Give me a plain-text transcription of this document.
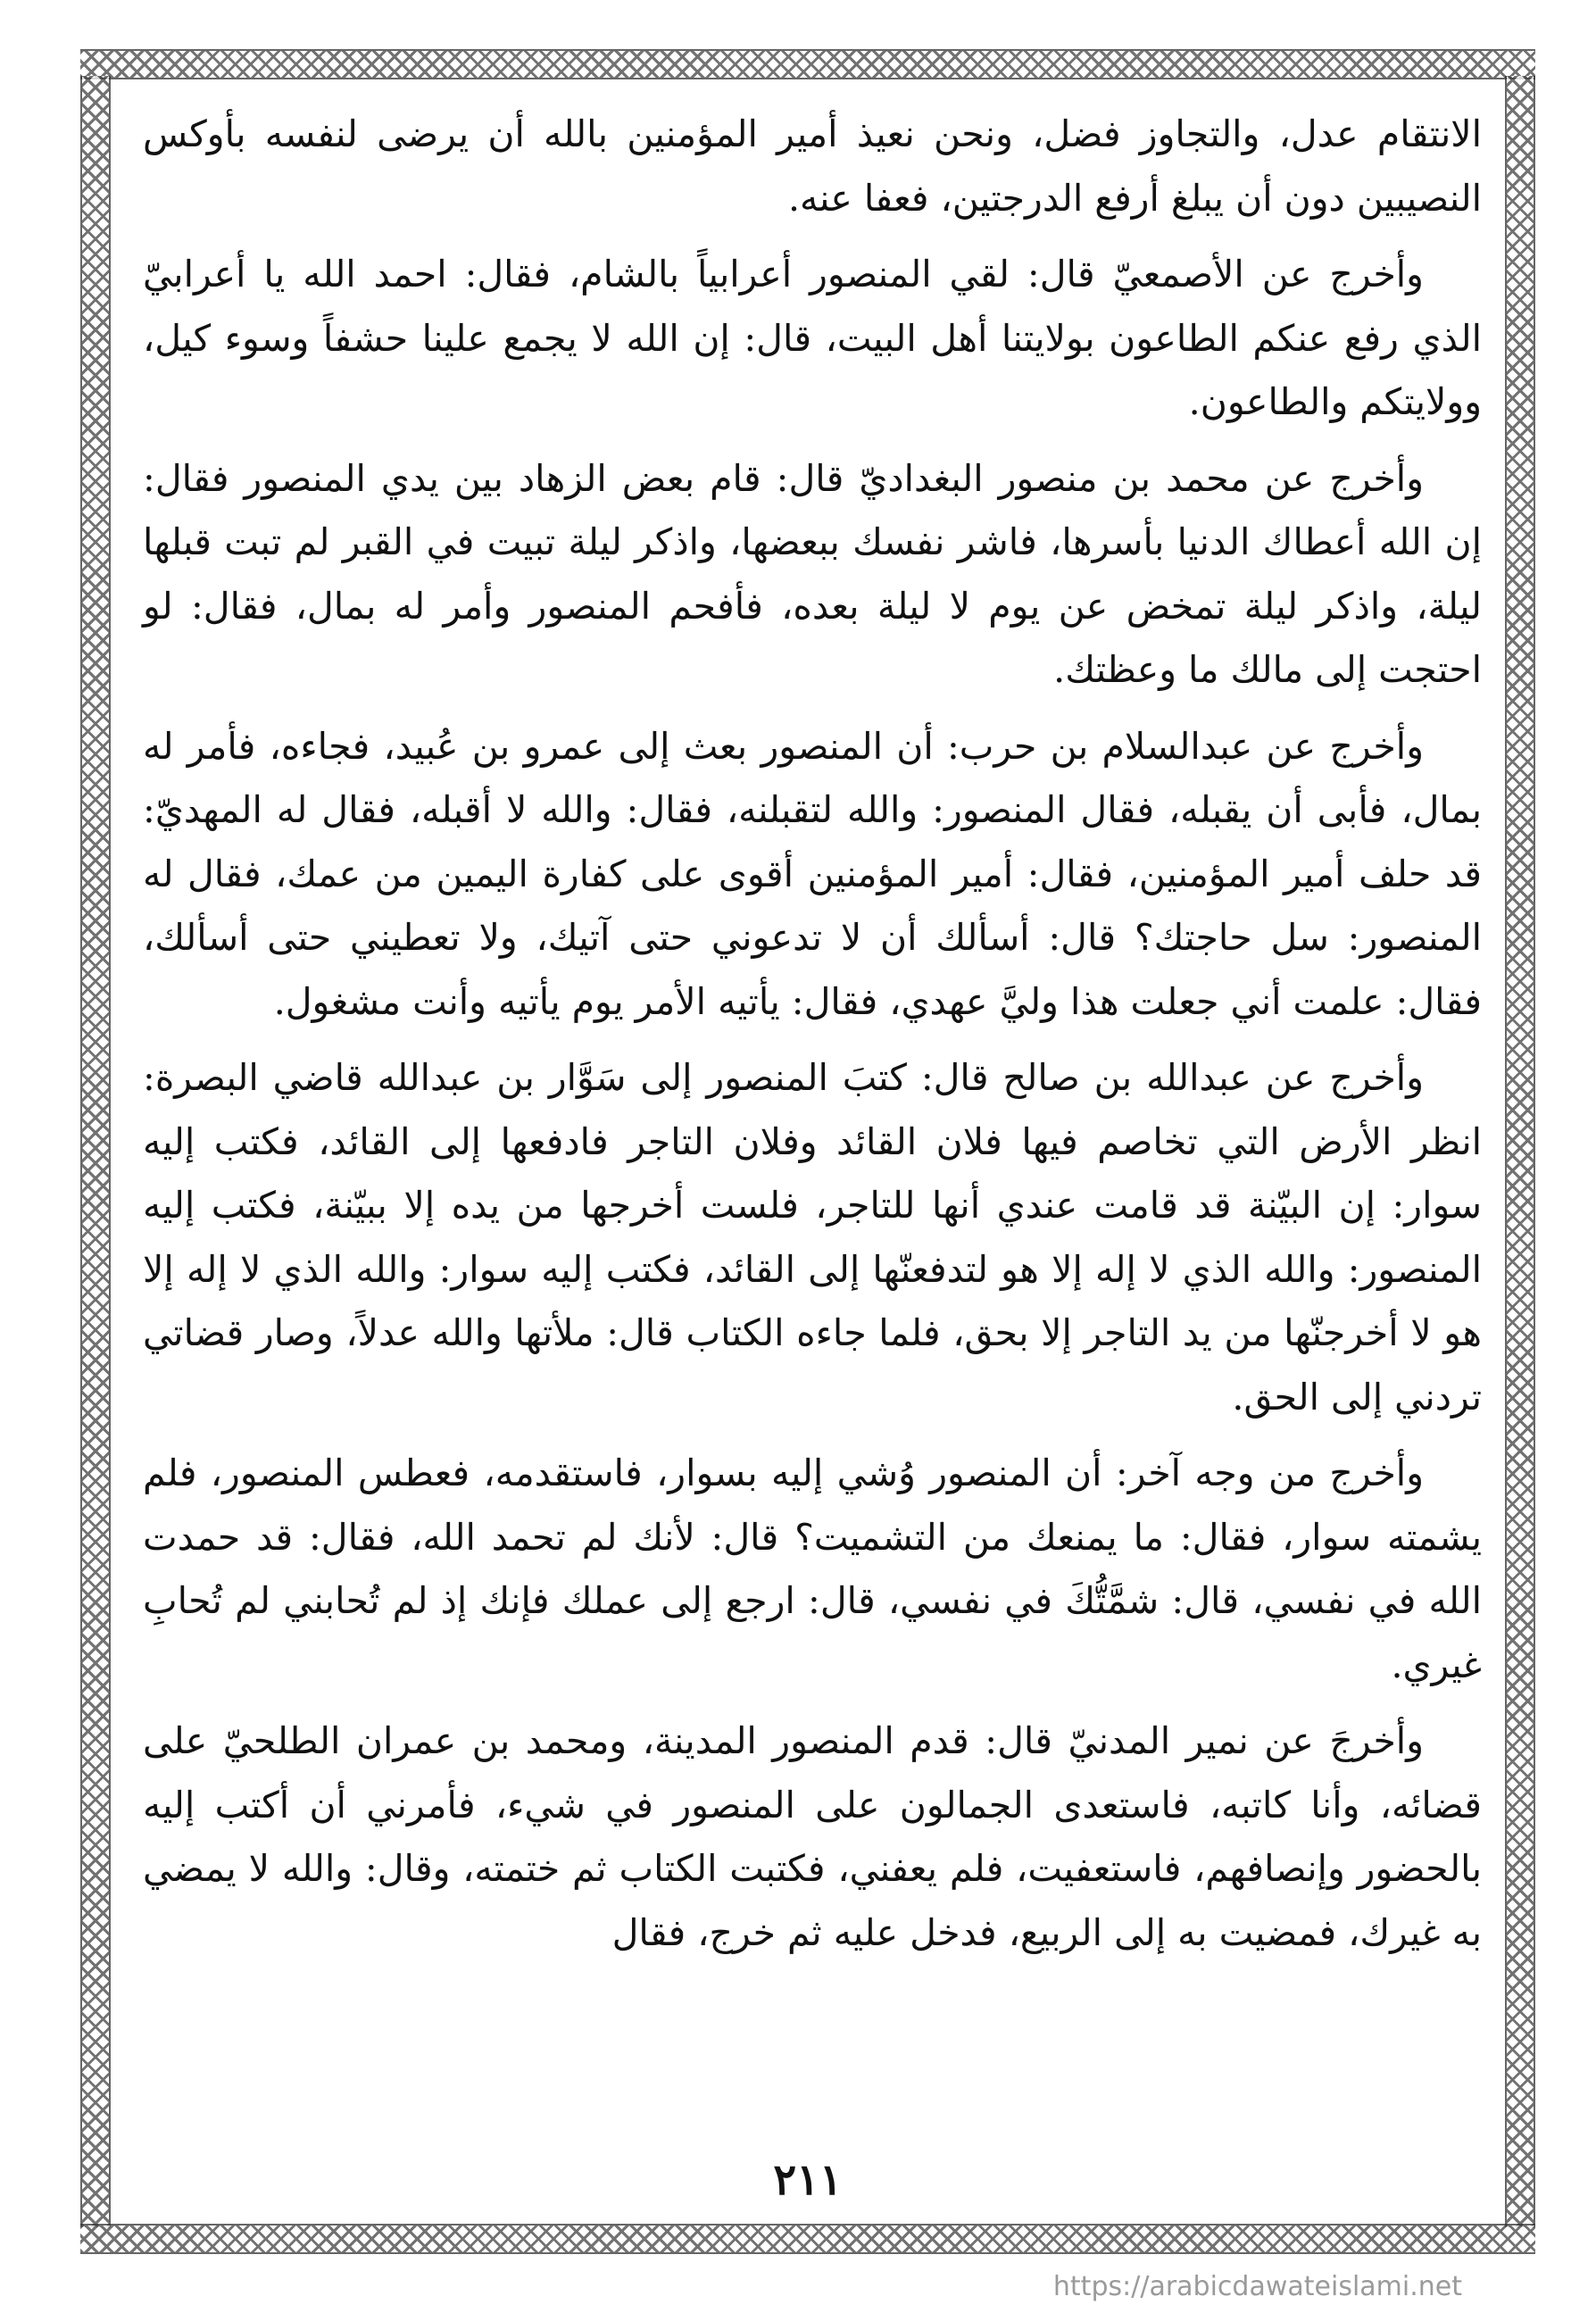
الانتقام عدل، والتجاوز فضل، ونحن نعيذ أمير المؤمنين بالله أن يرضى لنفسه بأوكس النصيبين دون أن يبلغ أرفع الدرجتين، فعفا عنه.

وأخرج عن الأصمعيّ قال: لقي المنصور أعرابياً بالشام، فقال: احمد الله يا أعرابيّ الذي رفع عنكم الطاعون بولايتنا أهل البيت، قال: إن الله لا يجمع علينا حشفاً وسوء كيل، وولايتكم والطاعون.

وأخرج عن محمد بن منصور البغداديّ قال: قام بعض الزهاد بين يدي المنصور فقال: إن الله أعطاك الدنيا بأسرها، فاشر نفسك ببعضها، واذكر ليلة تبيت في القبر لم تبت قبلها ليلة، واذكر ليلة تمخض عن يوم لا ليلة بعده، فأفحم المنصور وأمر له بمال، فقال: لو احتجت إلى مالك ما وعظتك.

وأخرج عن عبدالسلام بن حرب: أن المنصور بعث إلى عمرو بن عُبيد، فجاءه، فأمر له بمال، فأبى أن يقبله، فقال المنصور: والله لتقبلنه، فقال: والله لا أقبله، فقال له المهديّ: قد حلف أمير المؤمنين، فقال: أمير المؤمنين أقوى على كفارة اليمين من عمك، فقال له المنصور: سل حاجتك؟ قال: أسألك أن لا تدعوني حتى آتيك، ولا تعطيني حتى أسألك، فقال: علمت أني جعلت هذا وليَّ عهدي، فقال: يأتيه الأمر يوم يأتيه وأنت مشغول.

وأخرج عن عبدالله بن صالح قال: كتبَ المنصور إلى سَوَّار بن عبدالله قاضي البصرة: انظر الأرض التي تخاصم فيها فلان القائد وفلان التاجر فادفعها إلى القائد، فكتب إليه سوار: إن البيّنة قد قامت عندي أنها للتاجر، فلست أخرجها من يده إلا ببيّنة، فكتب إليه المنصور: والله الذي لا إله إلا هو لتدفعنّها إلى القائد، فكتب إليه سوار: والله الذي لا إله إلا هو لا أخرجنّها من يد التاجر إلا بحق، فلما جاءه الكتاب قال: ملأتها والله عدلاً، وصار قضاتي تردني إلى الحق.

وأخرج من وجه آخر: أن المنصور وُشي إليه بسوار، فاستقدمه، فعطس المنصور، فلم يشمته سوار، فقال: ما يمنعك من التشميت؟ قال: لأنك لم تحمد الله، فقال: قد حمدت الله في نفسي، قال: شمَّتُّكَ في نفسي، قال: ارجع إلى عملك فإنك إذ لم تُحابني لم تُحابِ غيري.

وأخرجَ عن نمير المدنيّ قال: قدم المنصور المدينة، ومحمد بن عمران الطلحيّ على قضائه، وأنا كاتبه، فاستعدى الجمالون على المنصور في شيء، فأمرني أن أكتب إليه بالحضور وإنصافهم، فاستعفيت، فلم يعفني، فكتبت الكتاب ثم ختمته، وقال: والله لا يمضي به غيرك، فمضيت به إلى الربيع، فدخل عليه ثم خرج، فقال

٢١١
https://arabicdawateislami.net
